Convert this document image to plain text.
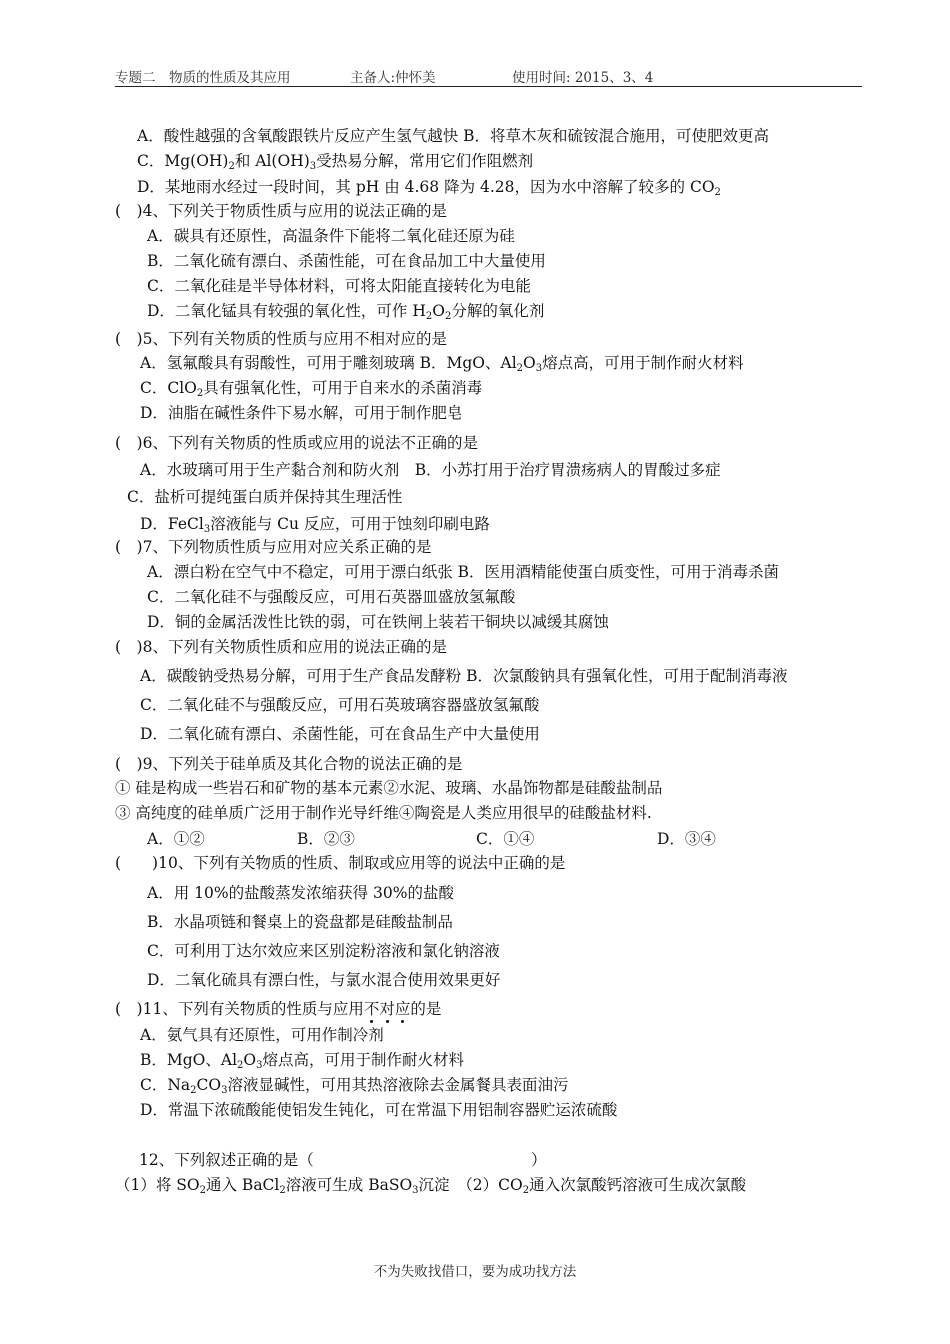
专题二　物质的性质及其应用	主备人:仲怀美	使用时间: 2015、3、4
A．酸性越强的含氧酸跟铁片反应产生氢气越快 B．将草木灰和硫铵混合施用，可使肥效更高
C．$Mg(OH)_2$和 $Al(OH)_3$受热易分解，常用它们作阻燃剂
D．某地雨水经过一段时间，其 pH 由 4.68 降为 4.28，因为水中溶解了较多的 $CO_2$
(　)4、下列关于物质性质与应用的说法正确的是
A．碳具有还原性，高温条件下能将二氧化硅还原为硅
B．二氧化硫有漂白、杀菌性能，可在食品加工中大量使用
C．二氧化硅是半导体材料，可将太阳能直接转化为电能
D．二氧化锰具有较强的氧化性，可作 $H_2O_2$分解的氧化剂
(　)5、下列有关物质的性质与应用不相对应的是
A．氢氟酸具有弱酸性，可用于雕刻玻璃 B．MgO、$Al_2O_3$熔点高，可用于制作耐火材料
C．ClO$_2$具有强氧化性，可用于自来水的杀菌消毒
D．油脂在碱性条件下易水解，可用于制作肥皂
(　)6、下列有关物质的性质或应用的说法不正确的是
A．水玻璃可用于生产黏合剂和防火剂　B．小苏打用于治疗胃溃疡病人的胃酸过多症
C．盐析可提纯蛋白质并保持其生理活性
D．FeCl$_3$溶液能与 Cu 反应，可用于蚀刻印刷电路
(　)7、下列物质性质与应用对应关系正确的是
A．漂白粉在空气中不稳定，可用于漂白纸张 B．医用酒精能使蛋白质变性，可用于消毒杀菌
C．二氧化硅不与强酸反应，可用石英器皿盛放氢氟酸
D．铜的金属活泼性比铁的弱，可在铁闸上装若干铜块以减缓其腐蚀
(　)8、下列有关物质性质和应用的说法正确的是
A．碳酸钠受热易分解，可用于生产食品发酵粉 B．次氯酸钠具有强氧化性，可用于配制消毒液
C．二氧化硅不与强酸反应，可用石英玻璃容器盛放氢氟酸
D．二氧化硫有漂白、杀菌性能，可在食品生产中大量使用
(　)9、下列关于硅单质及其化合物的说法正确的是
① 硅是构成一些岩石和矿物的基本元素②水泥、玻璃、水晶饰物都是硅酸盐制品
③ 高纯度的硅单质广泛用于制作光导纤维④陶瓷是人类应用很早的硅酸盐材料.
A．①②	B．②③	C．①④	D．③④
(　　)10、下列有关物质的性质、制取或应用等的说法中正确的是
A．用 10%的盐酸蒸发浓缩获得 30%的盐酸
B．水晶项链和餐桌上的瓷盘都是硅酸盐制品
C．可利用丁达尔效应来区别淀粉溶液和氯化钠溶液
D．二氧化硫具有漂白性，与氯水混合使用效果更好
(　)11、下列有关物质的性质与应用不对应的是
A．氨气具有还原性，可用作制冷剂
B．MgO、$Al_2O_3$熔点高，可用于制作耐火材料
C．$Na_2CO_3$溶液显碱性，可用其热溶液除去金属餐具表面油污
D．常温下浓硫酸能使铝发生钝化，可在常温下用铝制容器贮运浓硫酸
12、下列叙述正确的是（	）
（1）将 $SO_2$通入 BaCl$_2$溶液可生成 BaSO$_3$沉淀　$(2)CO_2$通入次氯酸钙溶液可生成次氯酸
不为失败找借口，要为成功找方法
